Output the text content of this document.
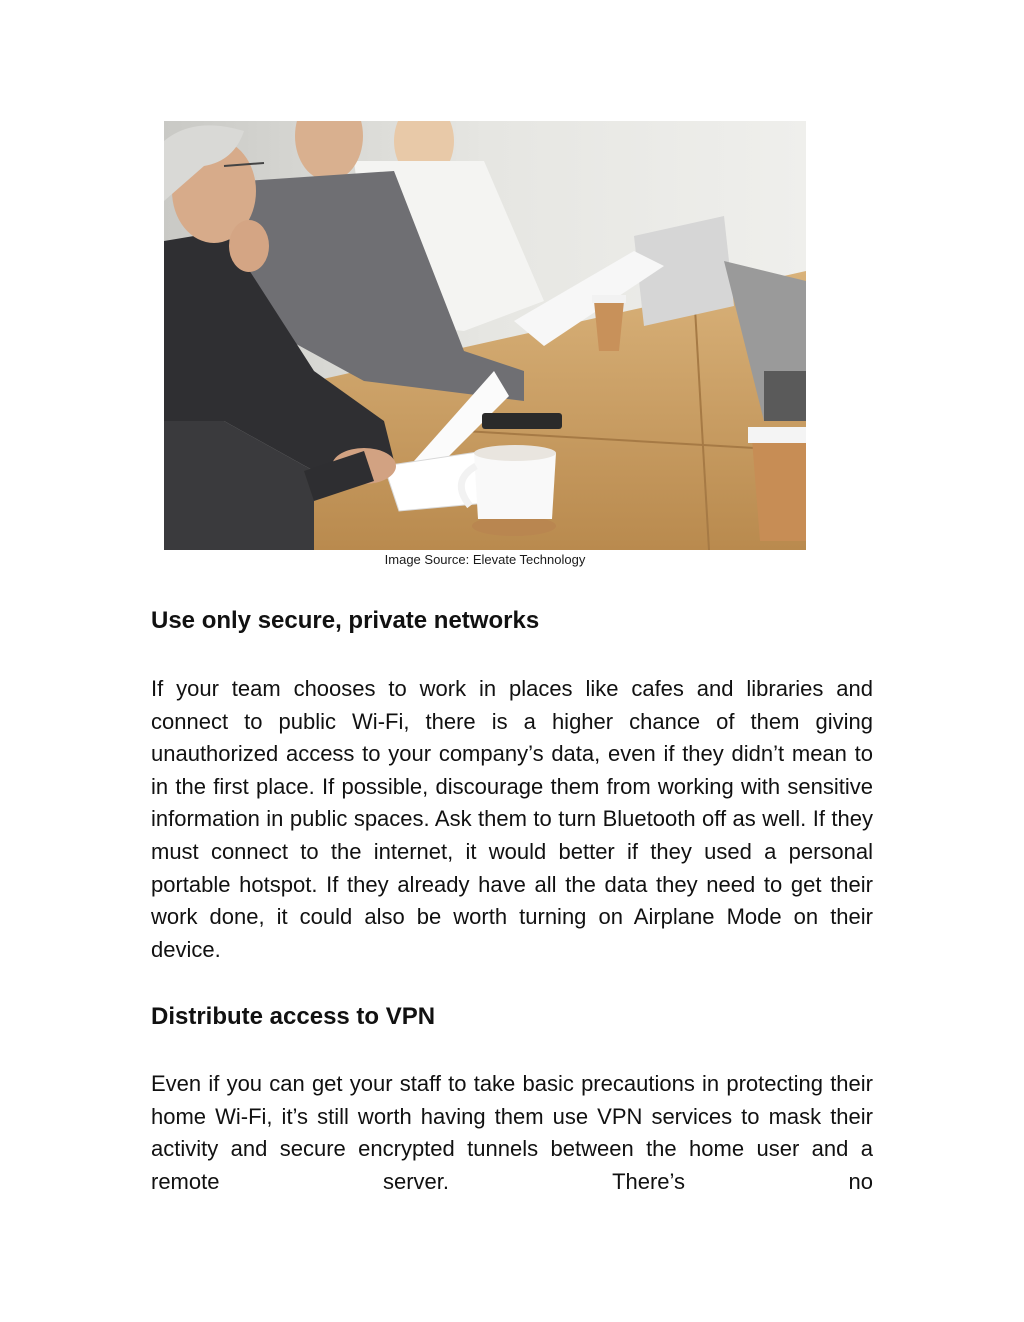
Image Source: Elevate Technology
Use only secure, private networks

If your team chooses to work in places like cafes and libraries and connect to public Wi-Fi, there is a higher chance of them giving unauthorized access to your company’s data, even if they didn’t mean to in the first place. If possible, discourage them from working with sensitive information in public spaces. Ask them to turn Bluetooth off as well. If they must connect to the internet, it would better if they used a personal portable hotspot. If they already have all the data they need to get their work done, it could also be worth turning on Airplane Mode on their device.

Distribute access to VPN

Even if you can get your staff to take basic precautions in protecting their home Wi-Fi, it’s still worth having them use VPN services to mask their activity and secure encrypted tunnels between the home user and a remote server. There’s no
